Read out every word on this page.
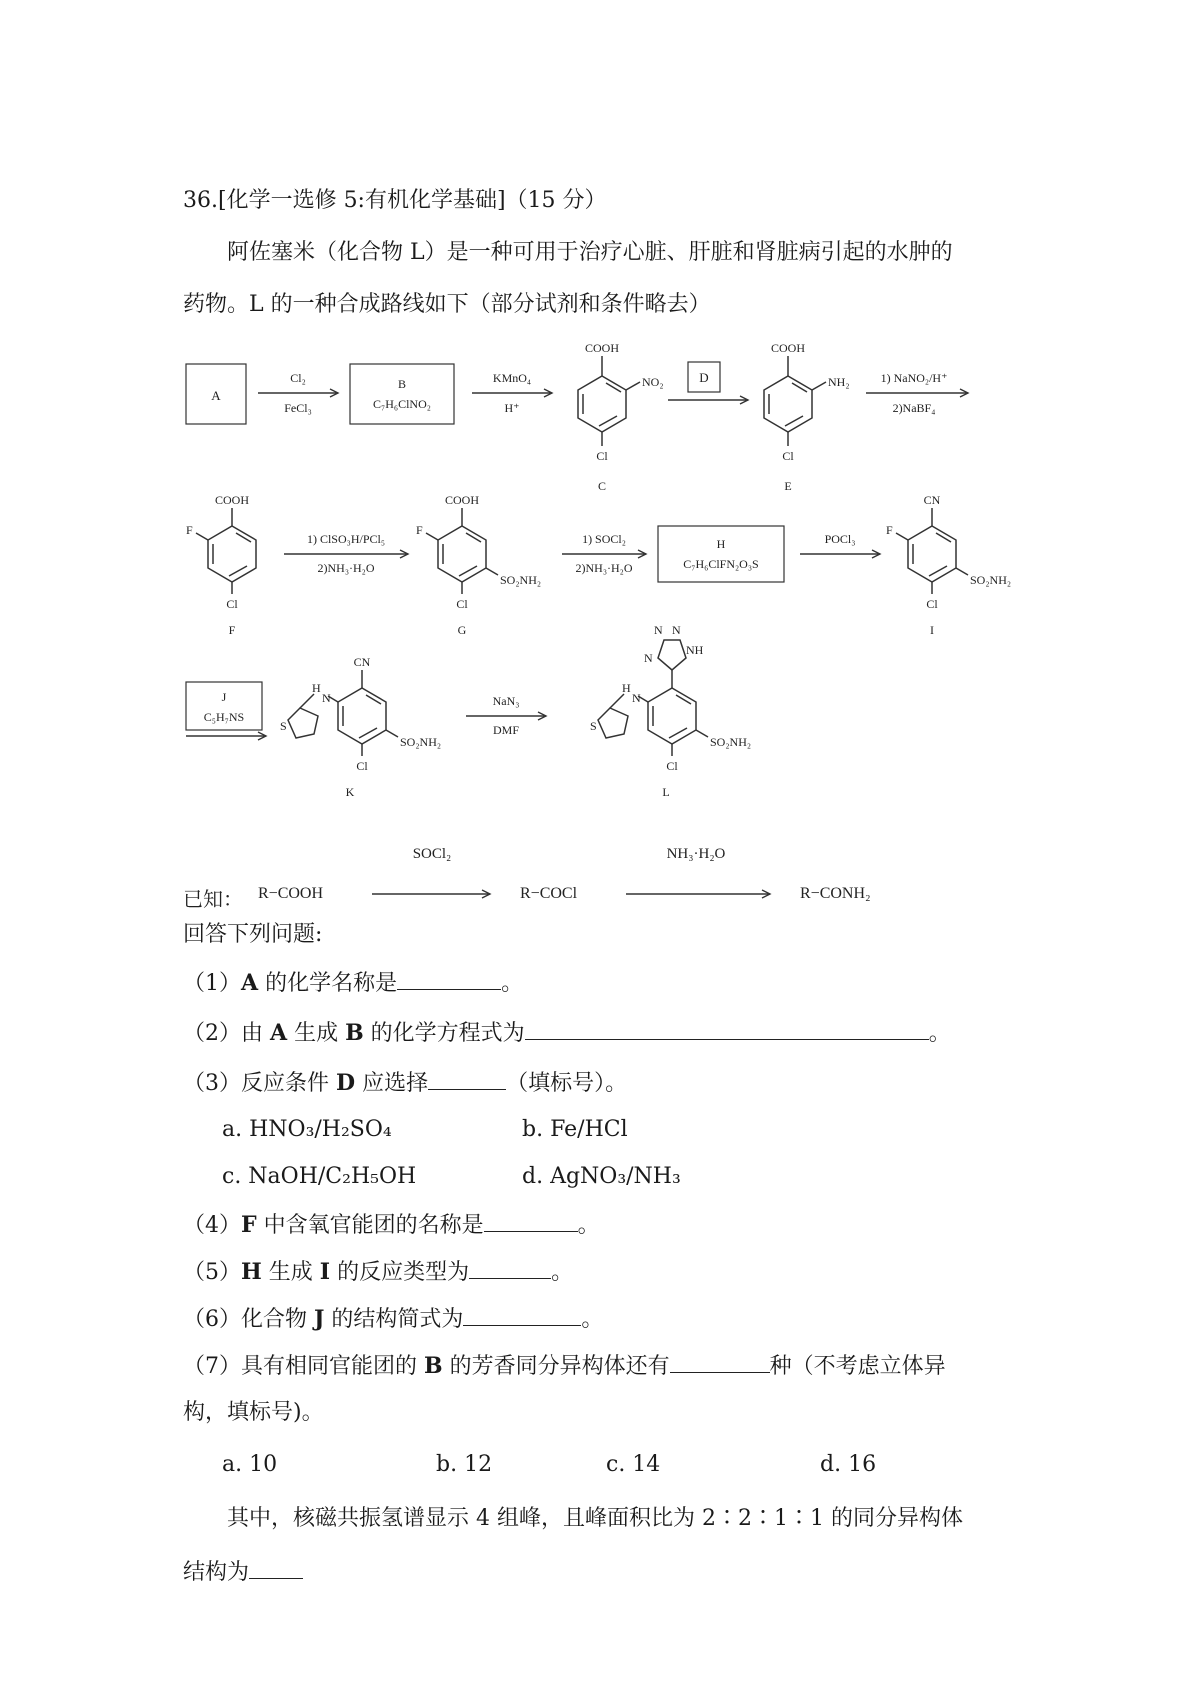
36.[化学一选修 5:有机化学基础]（15 分）
阿佐塞米（化合物 L）是一种可用于治疗心脏、肝脏和肾脏病引起的水肿的
药物。L 的一种合成路线如下（部分试剂和条件略去）
A
Cl₂
FeCl₃
B
C₇H₆ClNO₂
KMnO₄
H⁺
COOH
NO₂
Cl
C
D
COOH
NH₂
Cl
E
1) NaNO₂/H⁺
2)NaBF₄
COOH
F
Cl
F
1) ClSO₃H/PCl₅
2)NH₃·H₂O
COOH
F
Cl
SO₂NH₂
G
1) SOCl₂
2)NH₃·H₂O
H
C₇H₆ClFN₂O₃S
POCl₃
CN
F
Cl
SO₂NH₂
I
J
C₅H₇NS
CN
H
N
S
Cl
SO₂NH₂
K
NaN₃
DMF
N N
N
NH
H
N
S
Cl
SO₂NH₂
L
已知： R−COOH
SOCl₂
R−COCl
NH₃·H₂O
R−CONH₂
回答下列问题:
（1）A 的化学名称是	。
（2）由 A 生成 B 的化学方程式为	。
（3）反应条件 D 应选择	（填标号）。
a. HNO₃/H₂SO₄	b. Fe/HCl
c. NaOH/C₂H₅OH	d. AgNO₃/NH₃
（4）F 中含氧官能团的名称是	。
（5）H 生成 I 的反应类型为	。
（6）化合物 J 的结构简式为	。
（7）具有相同官能团的 B 的芳香同分异构体还有	种（不考虑立体异
构，填标号)。
a. 10	b. 12	c. 14	d. 16
其中，核磁共振氢谱显示 4 组峰，且峰面积比为 2∶2∶1∶1 的同分异构体
结构为
